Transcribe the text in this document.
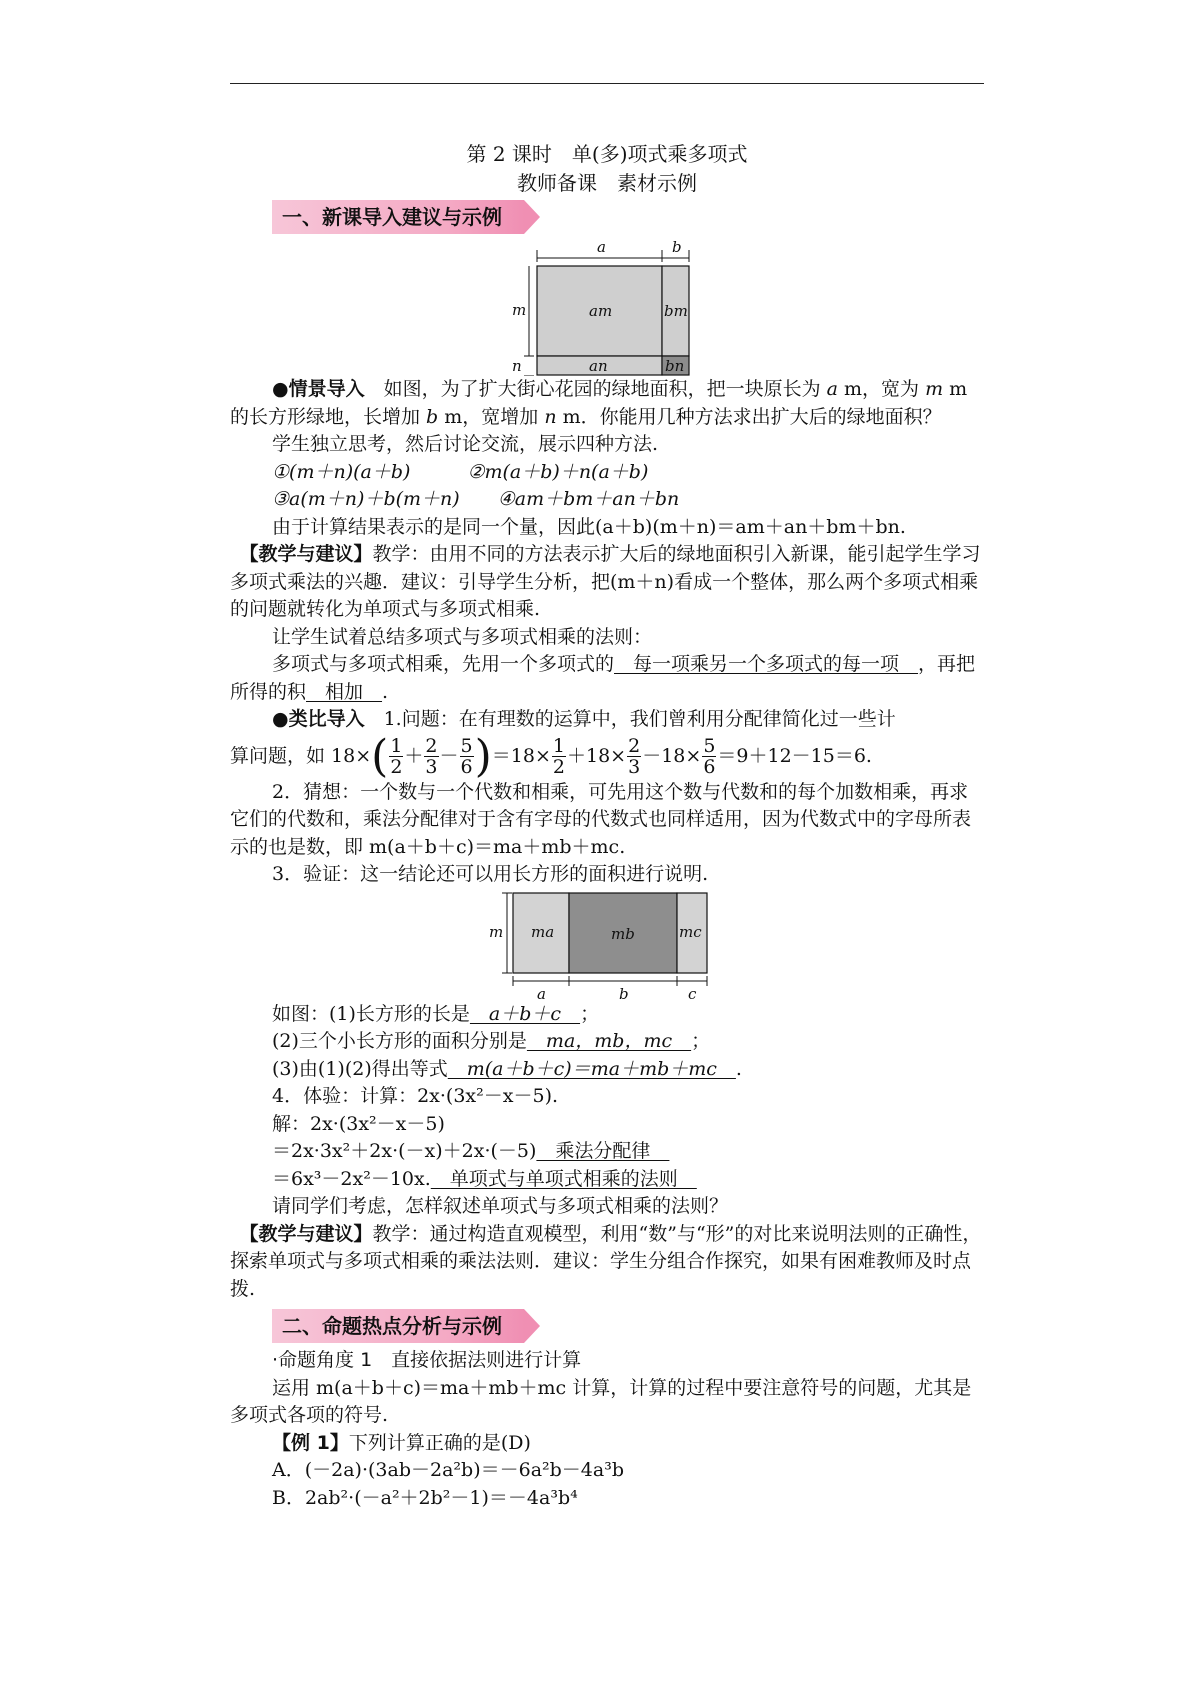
第 2 课时　单(多)项式乘多项式
教师备课　素材示例
一、新课导入建议与示例
a	b
m
n
am	bm
an	bn

●情景导入　如图，为了扩大街心花园的绿地面积，把一块原长为 a m，宽为 m m 的长方形绿地，长增加 b m，宽增加 n m．你能用几种方法求出扩大后的绿地面积？

学生独立思考，然后讨论交流，展示四种方法.

①(m＋n)(a＋b)　　　	②m(a＋b)＋n(a＋b)

③a(m＋n)＋b(m＋n)　　 ④am＋bm＋an＋bn

由于计算结果表示的是同一个量，因此(a＋b)(m＋n)＝am＋an＋bm＋bn.

　【教学与建议】教学：由用不同的方法表示扩大后的绿地面积引入新课，能引起学生学习多项式乘法的兴趣．建议：引导学生分析，把(m＋n)看成一个整体，那么两个多项式相乘的问题就转化为单项式与多项式相乘.

让学生试着总结多项式与多项式相乘的法则：

多项式与多项式相乘，先用一个多项式的　每一项乘另一个多项式的每一项　，再把所得的积　相加　.

●类比导入　1.问题：在有理数的运算中，我们曾利用分配律简化过一些计

算问题，如 $18\times( \frac{1}{2} + \frac{2}{3} - \frac{5}{6} )=18\times \frac{1}{2} +18\times \frac{2}{3} -18\times \frac{5}{6} =9+12-15=6$.

2．猜想：一个数与一个代数和相乘，可先用这个数与代数和的每个加数相乘，再求它们的代数和，乘法分配律对于含有字母的代数式也同样适用，因为代数式中的字母所表示的也是数，即 m(a＋b＋c)＝ma＋mb＋mc.

3．验证：这一结论还可以用长方形的面积进行说明.

m ma	mb	mc
a	b	c

如图：(1)长方形的长是　a＋b＋c　；

(2)三个小长方形的面积分别是　ma，mb，mc　；

(3)由(1)(2)得出等式　m(a＋b＋c)＝ma＋mb＋mc　.

4．体验：计算：2x·(3x²－x－5).

解：2x·(3x²－x－5)

＝2x·3x²＋2x·(－x)＋2x·(－5)　乘法分配律　

＝6x³－2x²－10x.　单项式与单项式相乘的法则　

请同学们考虑，怎样叙述单项式与多项式相乘的法则？

　【教学与建议】教学：通过构造直观模型，利用“数”与“形”的对比来说明法则的正确性，探索单项式与多项式相乘的乘法法则．建议：学生分组合作探究，如果有困难教师及时点拨.

二、命题热点分析与示例

·命题角度 1　直接依据法则进行计算

运用 m(a＋b＋c)＝ma＋mb＋mc 计算，计算的过程中要注意符号的问题，尤其是多项式各项的符号.

【例 1】下列计算正确的是(D)

A．(－2a)·(3ab－2a²b)＝－6a²b－4a³b

B．2ab²·(－a²＋2b²－1)＝－4a³b⁴
